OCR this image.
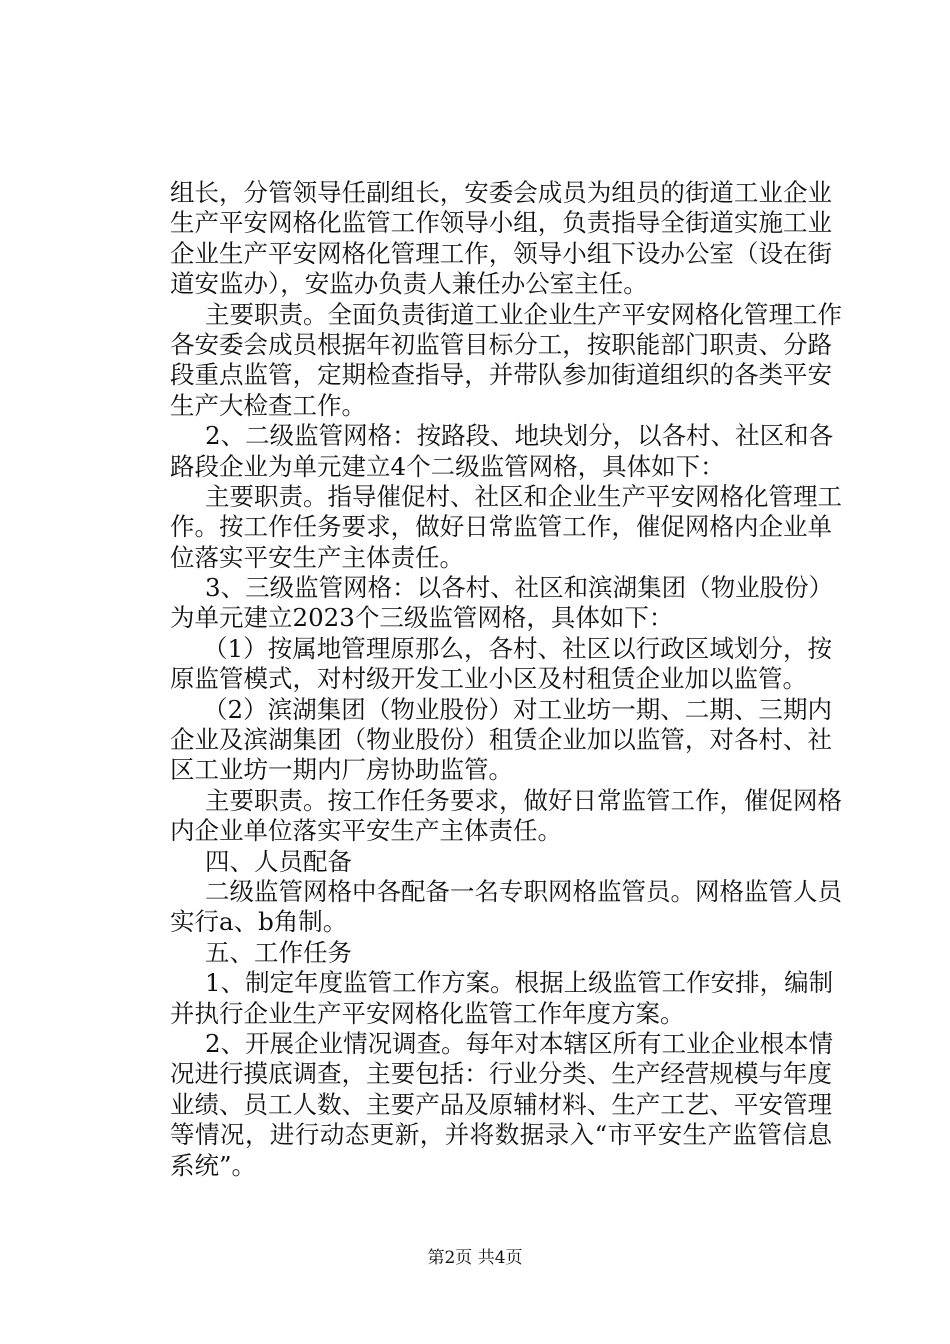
组长，分管领导任副组长，安委会成员为组员的街道工业企业
生产平安网格化监管工作领导小组，负责指导全街道实施工业
企业生产平安网格化管理工作，领导小组下设办公室（设在街
道安监办），安监办负责人兼任办公室主任。
主要职责。全面负责街道工业企业生产平安网格化管理工作
各安委会成员根据年初监管目标分工，按职能部门职责、分路
段重点监管，定期检查指导，并带队参加街道组织的各类平安
生产大检查工作。
2、二级监管网格：按路段、地块划分，以各村、社区和各
路段企业为单元建立4个二级监管网格，具体如下：
主要职责。指导催促村、社区和企业生产平安网格化管理工
作。按工作任务要求，做好日常监管工作，催促网格内企业单
位落实平安生产主体责任。
3、三级监管网格：以各村、社区和滨湖集团（物业股份）
为单元建立2023个三级监管网格，具体如下：
（1）按属地管理原那么，各村、社区以行政区域划分，按
原监管模式，对村级开发工业小区及村租赁企业加以监管。
（2）滨湖集团（物业股份）对工业坊一期、二期、三期内
企业及滨湖集团（物业股份）租赁企业加以监管，对各村、社
区工业坊一期内厂房协助监管。
主要职责。按工作任务要求，做好日常监管工作，催促网格
内企业单位落实平安生产主体责任。
四、人员配备
二级监管网格中各配备一名专职网格监管员。网格监管人员
实行a、b角制。
五、工作任务
1、制定年度监管工作方案。根据上级监管工作安排，编制
并执行企业生产平安网格化监管工作年度方案。
2、开展企业情况调查。每年对本辖区所有工业企业根本情
况进行摸底调查，主要包括：行业分类、生产经营规模与年度
业绩、员工人数、主要产品及原辅材料、生产工艺、平安管理
等情况，进行动态更新，并将数据录入“市平安生产监管信息
系统”。
第2页 共4页
